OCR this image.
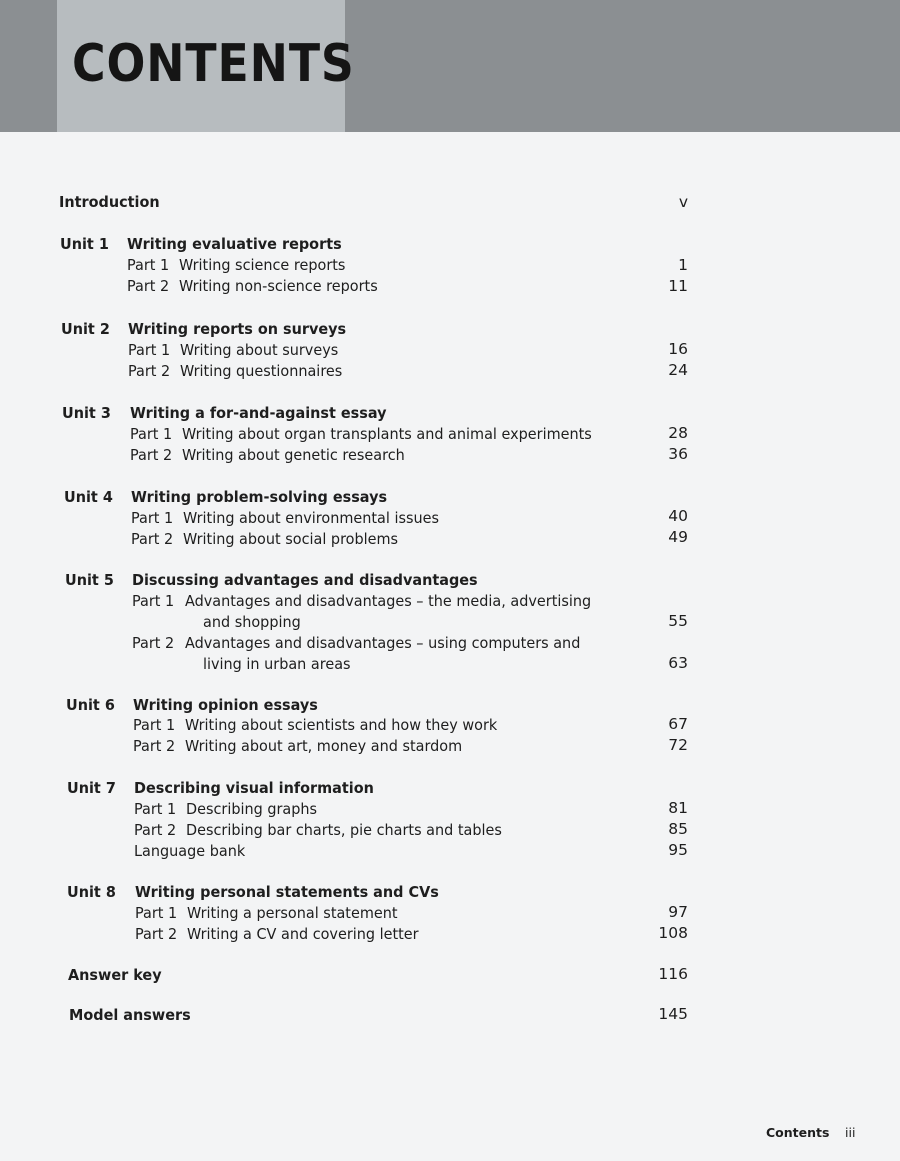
CONTENTS
Introduction	v
Unit 1 Writing evaluative reports
Part 1 Writing science reports	1
Part 2 Writing non-science reports	11
Unit 2 Writing reports on surveys
Part 1 Writing about surveys	16
Part 2 Writing questionnaires	24
Unit 3 Writing a for-and-against essay
Part 1 Writing about organ transplants and animal experiments	28
Part 2 Writing about genetic research	36
Unit 4 Writing problem-solving essays
Part 1 Writing about environmental issues	40
Part 2 Writing about social problems	49
Unit 5 Discussing advantages and disadvantages
Part 1 Advantages and disadvantages – the media, advertising
and shopping	55
Part 2 Advantages and disadvantages – using computers and
living in urban areas	63
Unit 6 Writing opinion essays
Part 1 Writing about scientists and how they work	67
Part 2 Writing about art, money and stardom	72
Unit 7 Describing visual information
Part 1 Describing graphs	81
Part 2 Describing bar charts, pie charts and tables	85
Language bank	95
Unit 8 Writing personal statements and CVs
Part 1 Writing a personal statement	97
Part 2 Writing a CV and covering letter	108
Answer key	116
Model answers	145
Contents iii
